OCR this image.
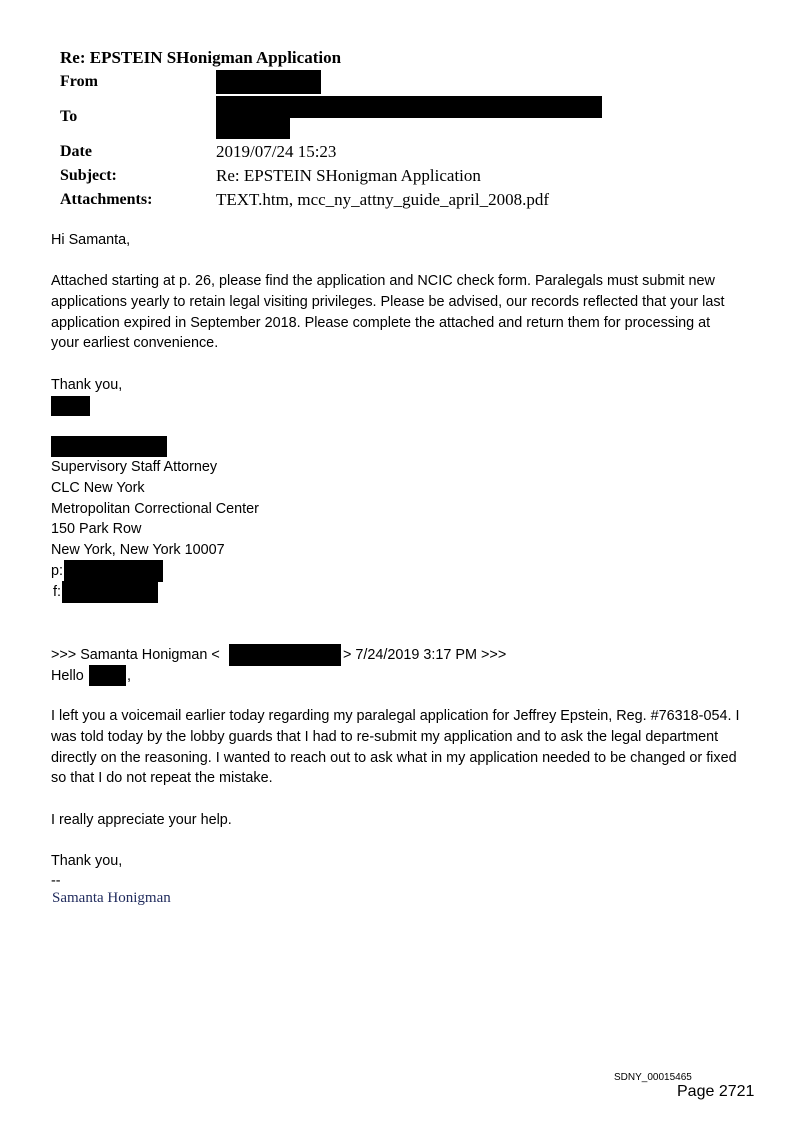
Re: EPSTEIN SHonigman Application
From
To
Date	2019/07/24 15:23
Subject:	Re: EPSTEIN SHonigman Application
Attachments:	TEXT.htm, mcc_ny_attny_guide_april_2008.pdf
Hi Samanta,
Attached starting at p. 26, please find the application and NCIC check form. Paralegals must submit new
applications yearly to retain legal visiting privileges. Please be advised, our records reflected that your last
application expired in September 2018. Please complete the attached and return them for processing at
your earliest convenience.
Thank you,
Supervisory Staff Attorney
CLC New York
Metropolitan Correctional Center
150 Park Row
New York, New York 10007
p:
f:
>>> Samanta Honigman <	> 7/24/2019 3:17 PM >>>
Hello	,
I left you a voicemail earlier today regarding my paralegal application for Jeffrey Epstein, Reg. #76318-054. I
was told today by the lobby guards that I had to re-submit my application and to ask the legal department
directly on the reasoning. I wanted to reach out to ask what in my application needed to be changed or fixed
so that I do not repeat the mistake.
I really appreciate your help.
Thank you,
--
Samanta Honigman
SDNY_00015465
Page 2721
